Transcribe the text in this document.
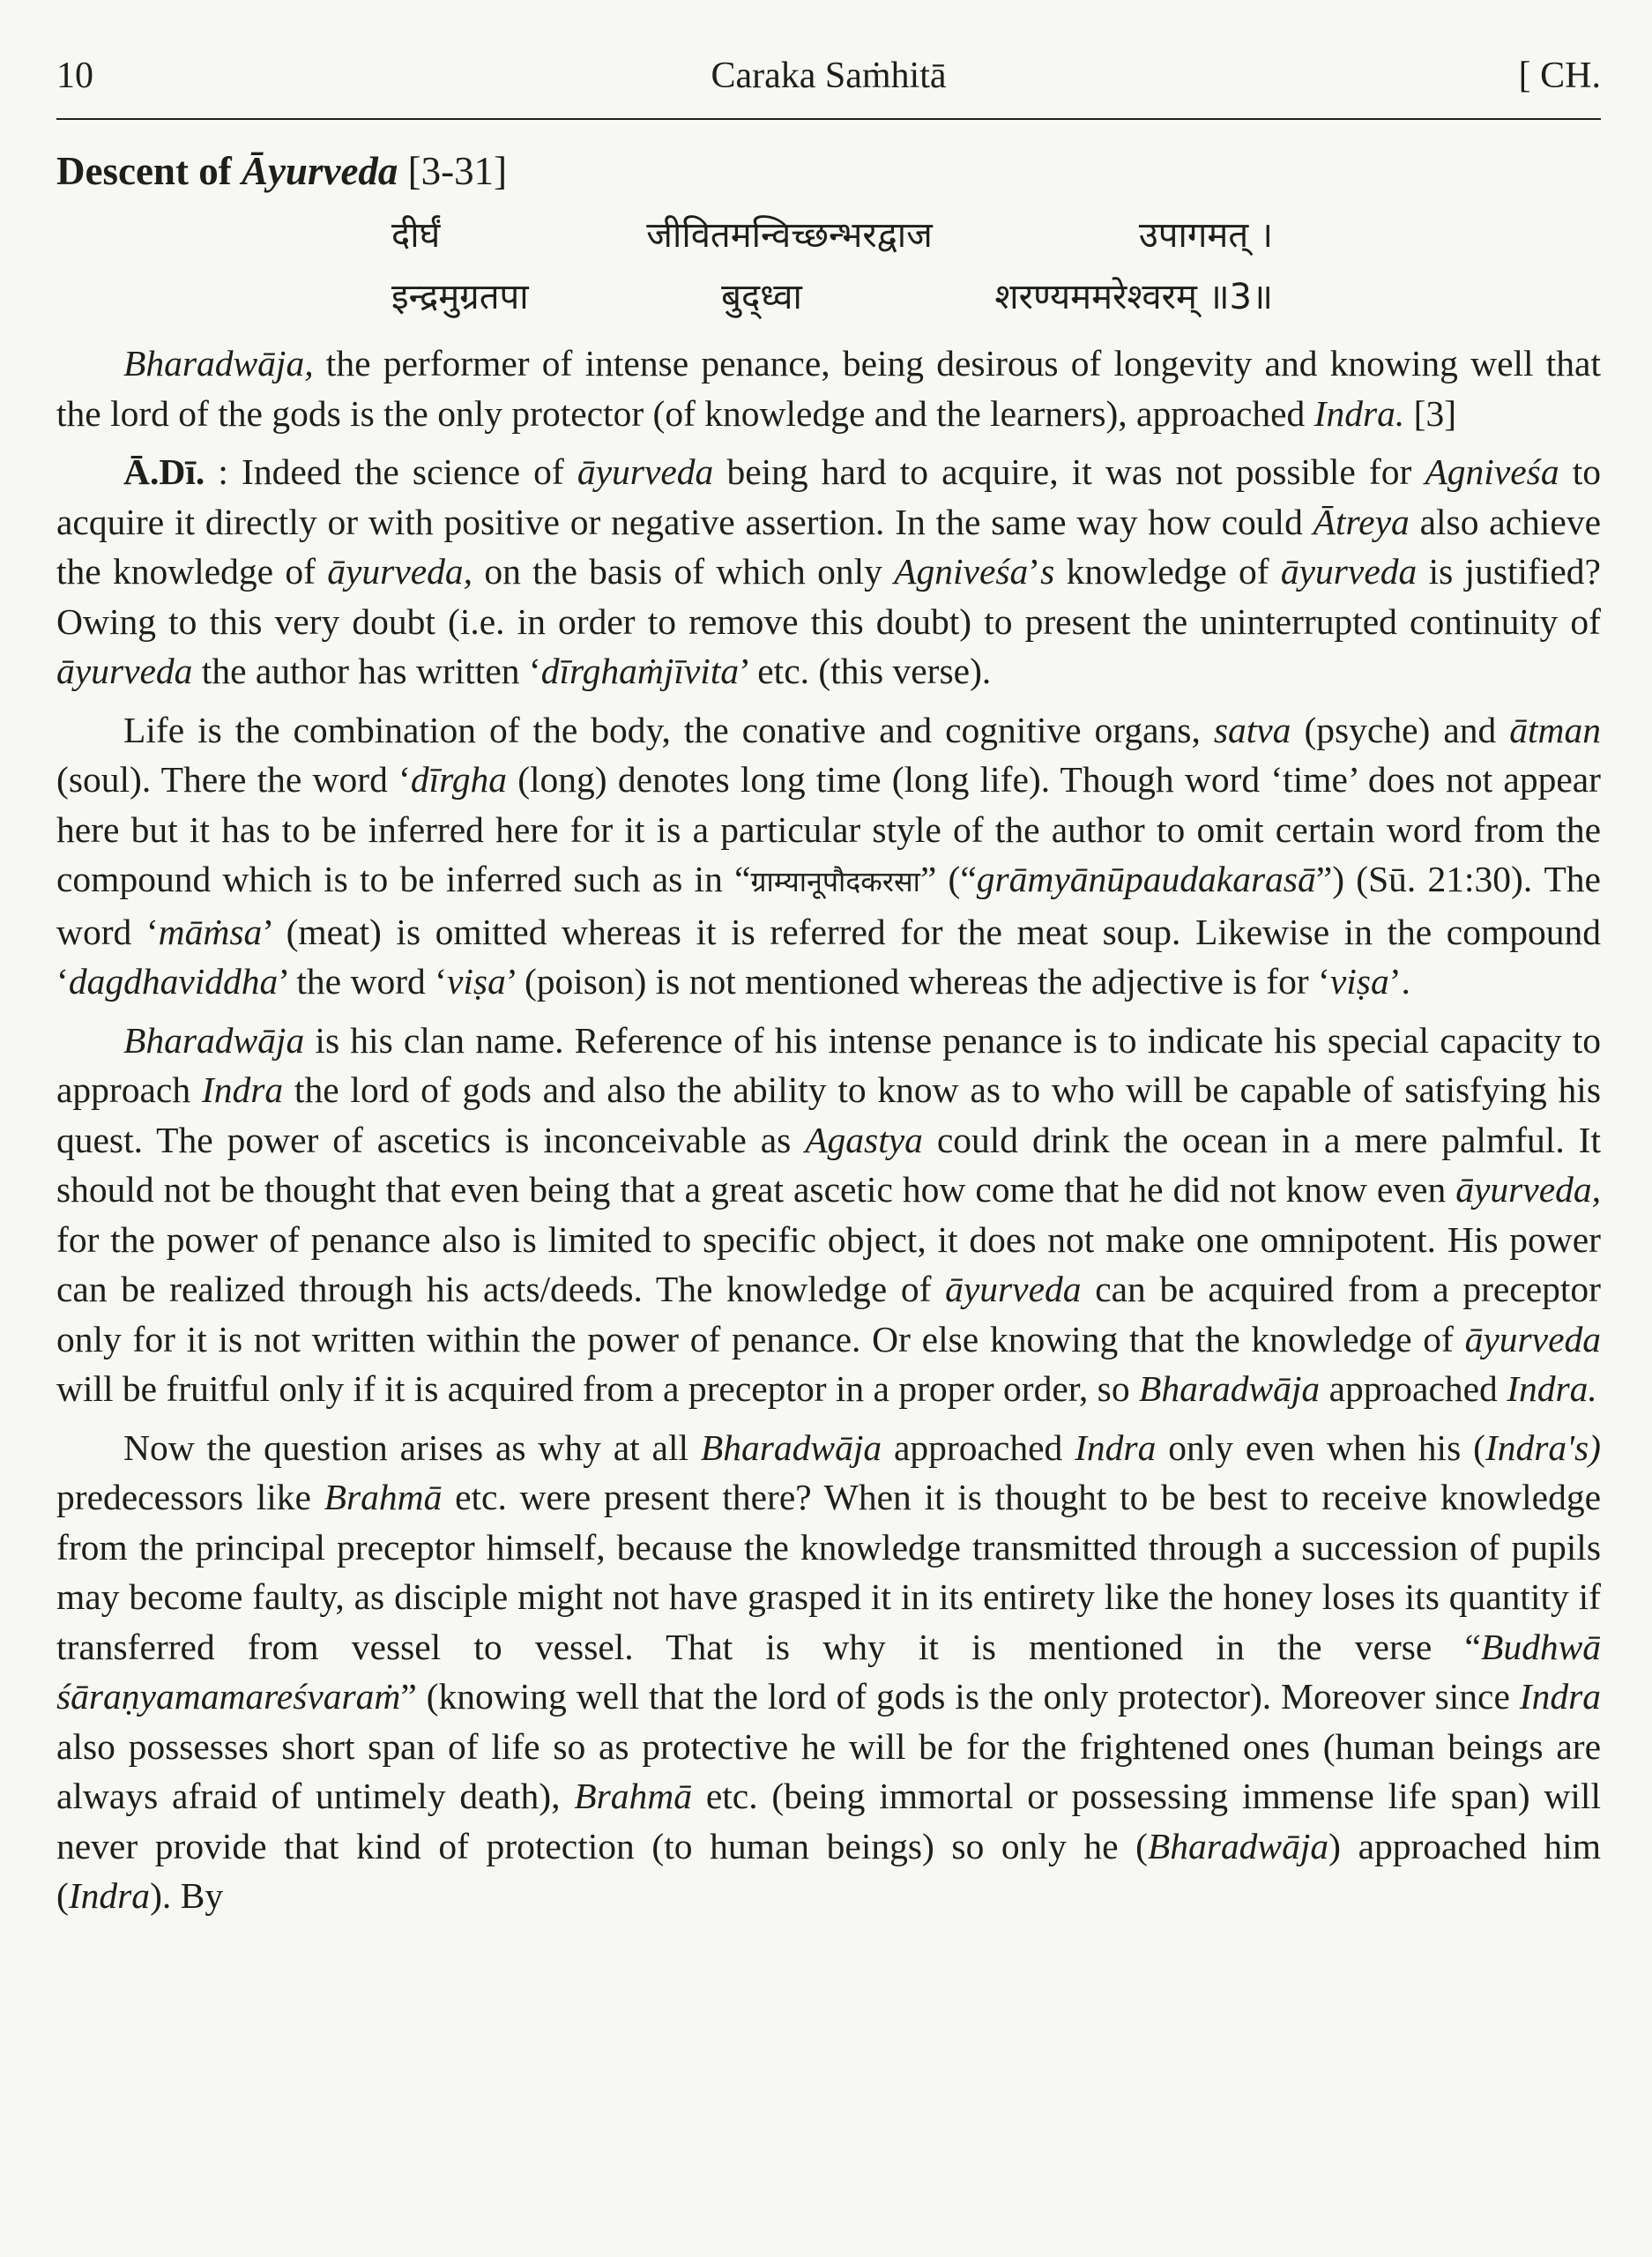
10	Caraka Saṁhitā	[ CH.
Descent of Āyurveda [3-31]
दीर्घं	जीवितमन्विच्छन्भरद्वाज	उपागमत् ।
इन्द्रमुग्रतपा	बुद्ध्वा	शरण्यममरेश्वरम् ॥3॥

Bharadwāja, the performer of intense penance, being desirous of longevity and knowing well that the lord of the gods is the only protector (of knowledge and the learners), approached Indra. [3]

Ā.Dī. : Indeed the science of āyurveda being hard to acquire, it was not possible for Agniveśa to acquire it directly or with positive or negative assertion. In the same way how could Ātreya also achieve the knowledge of āyurveda, on the basis of which only Agniveśa’s knowledge of āyurveda is justified? Owing to this very doubt (i.e. in order to remove this doubt) to present the uninterrupted continuity of āyurveda the author has written ‘dīrghaṁjīvita’ etc. (this verse).

Life is the combination of the body, the conative and cognitive organs, satva (psyche) and ātman (soul). There the word ‘dīrgha (long) denotes long time (long life). Though word ‘time’ does not appear here but it has to be inferred here for it is a particular style of the author to omit certain word from the compound which is to be inferred such as in “ग्राम्यानूपौदकरसा” (“grāmyānūpaudakarasā”) (Sū. 21:30). The word ‘māṁsa’ (meat) is omitted whereas it is referred for the meat soup. Likewise in the compound ‘dagdhaviddha’ the word ‘viṣa’ (poison) is not mentioned whereas the adjective is for ‘viṣa’.

Bharadwāja is his clan name. Reference of his intense penance is to indicate his special capacity to approach Indra the lord of gods and also the ability to know as to who will be capable of satisfying his quest. The power of ascetics is inconceivable as Agastya could drink the ocean in a mere palmful. It should not be thought that even being that a great ascetic how come that he did not know even āyurveda, for the power of penance also is limited to specific object, it does not make one omnipotent. His power can be realized through his acts/deeds. The knowledge of āyurveda can be acquired from a preceptor only for it is not written within the power of penance. Or else knowing that the knowledge of āyurveda will be fruitful only if it is acquired from a preceptor in a proper order, so Bharadwāja approached Indra.

Now the question arises as why at all Bharadwāja approached Indra only even when his (Indra's) predecessors like Brahmā etc. were present there? When it is thought to be best to receive knowledge from the principal preceptor himself, because the knowledge transmitted through a succession of pupils may become faulty, as disciple might not have grasped it in its entirety like the honey loses its quantity if transferred from vessel to vessel. That is why it is mentioned in the verse “Budhwā śāraṇyamamareśvaraṁ” (knowing well that the lord of gods is the only protector). Moreover since Indra also possesses short span of life so as protective he will be for the frightened ones (human beings are always afraid of untimely death), Brahmā etc. (being immortal or possessing immense life span) will never provide that kind of protection (to human beings) so only he (Bharadwāja) approached him (Indra). By
